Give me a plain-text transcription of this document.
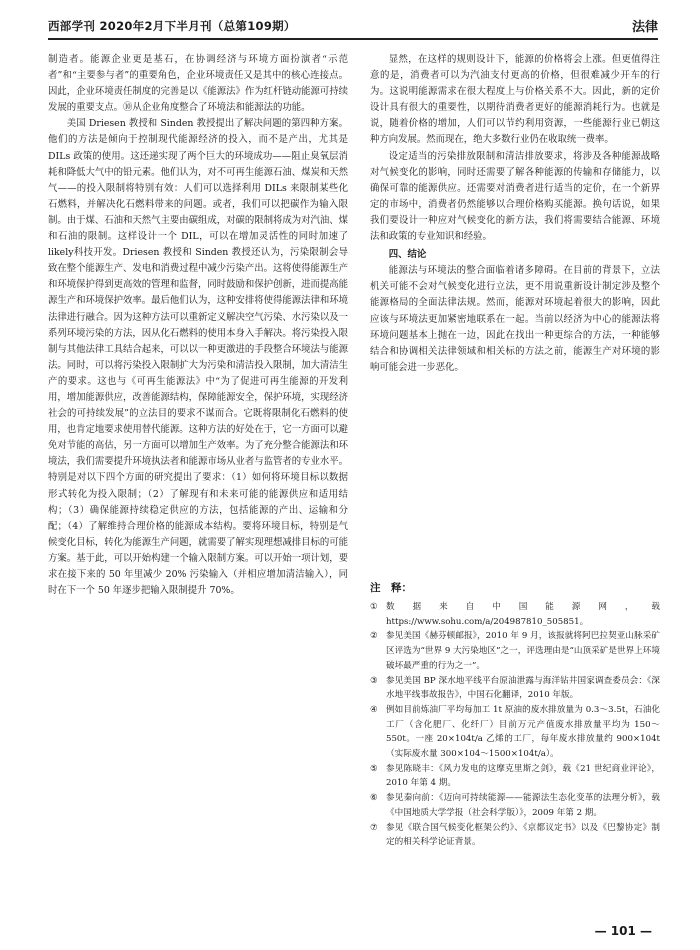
西部学刊 2020年2月下半月刊（总第109期）	法律

制造者。能源企业更是基石，在协调经济与环境方面扮演者“示范者”和“主要参与者”的重要角色，企业环境责任又是其中的核心连接点。因此，企业环境责任制度的完善是以《能源法》作为红杆链动能源可持续发展的重要支点。⑩从企业角度整合了环境法和能源法的功能。

美国 Driesen 教授和 Sinden 教授提出了解决问题的第四种方案。他们的方法是倾向于控制现代能源经济的投入，而不是产出，尤其是 DILs 政策的使用。这还递实现了两个巨大的环境成功——阻止臭氧层消耗和降低大气中的铅元素。他们认为，对不可再生能源石油、煤炭和天然气——的投入限制将特别有效：人们可以选择利用 DILs 来限制某些化石燃料，并解决化石燃料带来的问题。或者，我们可以把碳作为输入限制。由于煤、石油和天然气主要由碳组成，对碳的限制将成为对汽油、煤和石油的限制。这样设计一个 DIL，可以在增加灵活性的同时加速了likely科技开发。Driesen 教授和 Sinden 教授还认为，污染限制会导致在整个能源生产、发电和消费过程中减少污染产出。这将使得能源生产和环境保护得到更高效的管理和监督，同时鼓励和保护创新，进而提高能源生产和环境保护效率。最后他们认为，这种安排将使得能源法律和环境法律进行融合。因为这种方法可以重新定义解决空气污染、水污染以及一系列环境污染的方法，因从化石燃料的使用本身入手解决。将污染投入限制与其他法律工具结合起来，可以以一种更激进的手段整合环境法与能源法。同时，可以将污染投入限制扩大为污染和清洁投入限制，加大清洁生产的要求。这也与《可再生能源法》中“为了促进可再生能源的开发利用，增加能源供应，改善能源结构，保障能源安全，保护环境，实现经济社会的可持续发展”的立法目的要求不谋而合。它既将限制化石燃料的使用，也肯定地要求使用替代能源。这种方法的好处在于，它一方面可以避免对节能的高估，另一方面可以增加生产效率。为了充分整合能源法和环境法，我们需要提升环境执法者和能源市场从业者与监管者的专业水平。特别是对以下四个方面的研究提出了要求：（1）如何将环境目标以数据形式转化为投入限制；（2）了解现有和未来可能的能源供应和适用结构；（3）确保能源持续稳定供应的方法，包括能源的产出、运输和分配；（4）了解维持合理价格的能源成本结构。要将环境目标，特别是气候变化目标，转化为能源生产问题，就需要了解实现理想减排目标的可能方案。基于此，可以开始构建一个输入限制方案。可以开始一项计划，要求在接下来的 50 年里减少 20% 污染输入（并相应增加清洁输入），同时在下一个 50 年逐步把输入限制提升 70%。

显然，在这样的规则设计下，能源的价格将会上涨。但更值得注意的是，消费者可以为汽油支付更高的价格，但很难减少开车的行为。这说明能源需求在很大程度上与价格关系不大。因此，新的定价设计具有很大的重要性，以期待消费者更好的能源消耗行为。也就是说，随着价格的增加，人们可以节约利用资源，一些能源行业已朝这种方向发展。然而现在，绝大多数行业仍在收取统一费率。

设定适当的污染排放限制和清洁排放要求，将涉及各种能源战略对气候变化的影响，同时还需要了解各种能源的传输和存储能力，以确保可靠的能源供应。还需要对消费者进行适当的定价，在一个新界定的市场中，消费者仍然能够以合理价格购买能源。换句话说，如果我们要设计一种应对气候变化的新方法，我们将需要结合能源、环境法和政策的专业知识和经验。

四、结论

能源法与环境法的整合面临着诸多障碍。在目前的背景下，立法机关可能不会对气候变化进行立法，更不用说重新设计制定涉及整个能源格局的全面法律法规。然而，能源对环境起着很大的影响，因此应该与环境法更加紧密地联系在一起。当前以经济为中心的能源法将环境问题基本上抛在一边，因此在找出一种更综合的方法，一种能够结合和协调相关法律领域和相关标的方法之前，能源生产对环境的影响可能会进一步恶化。

注　释：
① 数据来自中国能源网，载 https://www.sohu.com/a/204987810_505851。
② 参见美国《赫芬顿邮报》，2010 年 9 月，该报就将阿巴拉契亚山脉采矿区评选为“世界 9 大污染地区”之一，评选理由是“山顶采矿是世界上环境破坏最严重的行为之一”。
③ 参见美国 BP 深水地平线平台原油泄露与海洋钻井国家调查委员会：《深水地平线事故报告》，中国石化翻译，2010 年版。
④ 例如目前炼油厂平均每加工 1t 原油的废水排放量为 0.3～3.5t，石油化工厂（含化肥厂、化纤厂）目前万元产值废水排放量平均为 150～550t。一座 20×104t/a 乙烯的工厂，每年废水排放量约 900×104t（实际废水量 300×104～1500×104t/a）。
⑤ 参见陈晓丰：《风力发电的这摩克里斯之剑》，载《21 世纪商业评论》，2010 年第 4 期。
⑥ 参见秦向前：《迈向可持续能源——能源法生态化变革的法理分析》，载《中国地质大学学报（社会科学版）》，2009 年第 2 期。
⑦ 参见《联合国气候变化框架公约》、《京都议定书》以及《巴黎协定》制定的相关科学论证背景。
— 101 —
